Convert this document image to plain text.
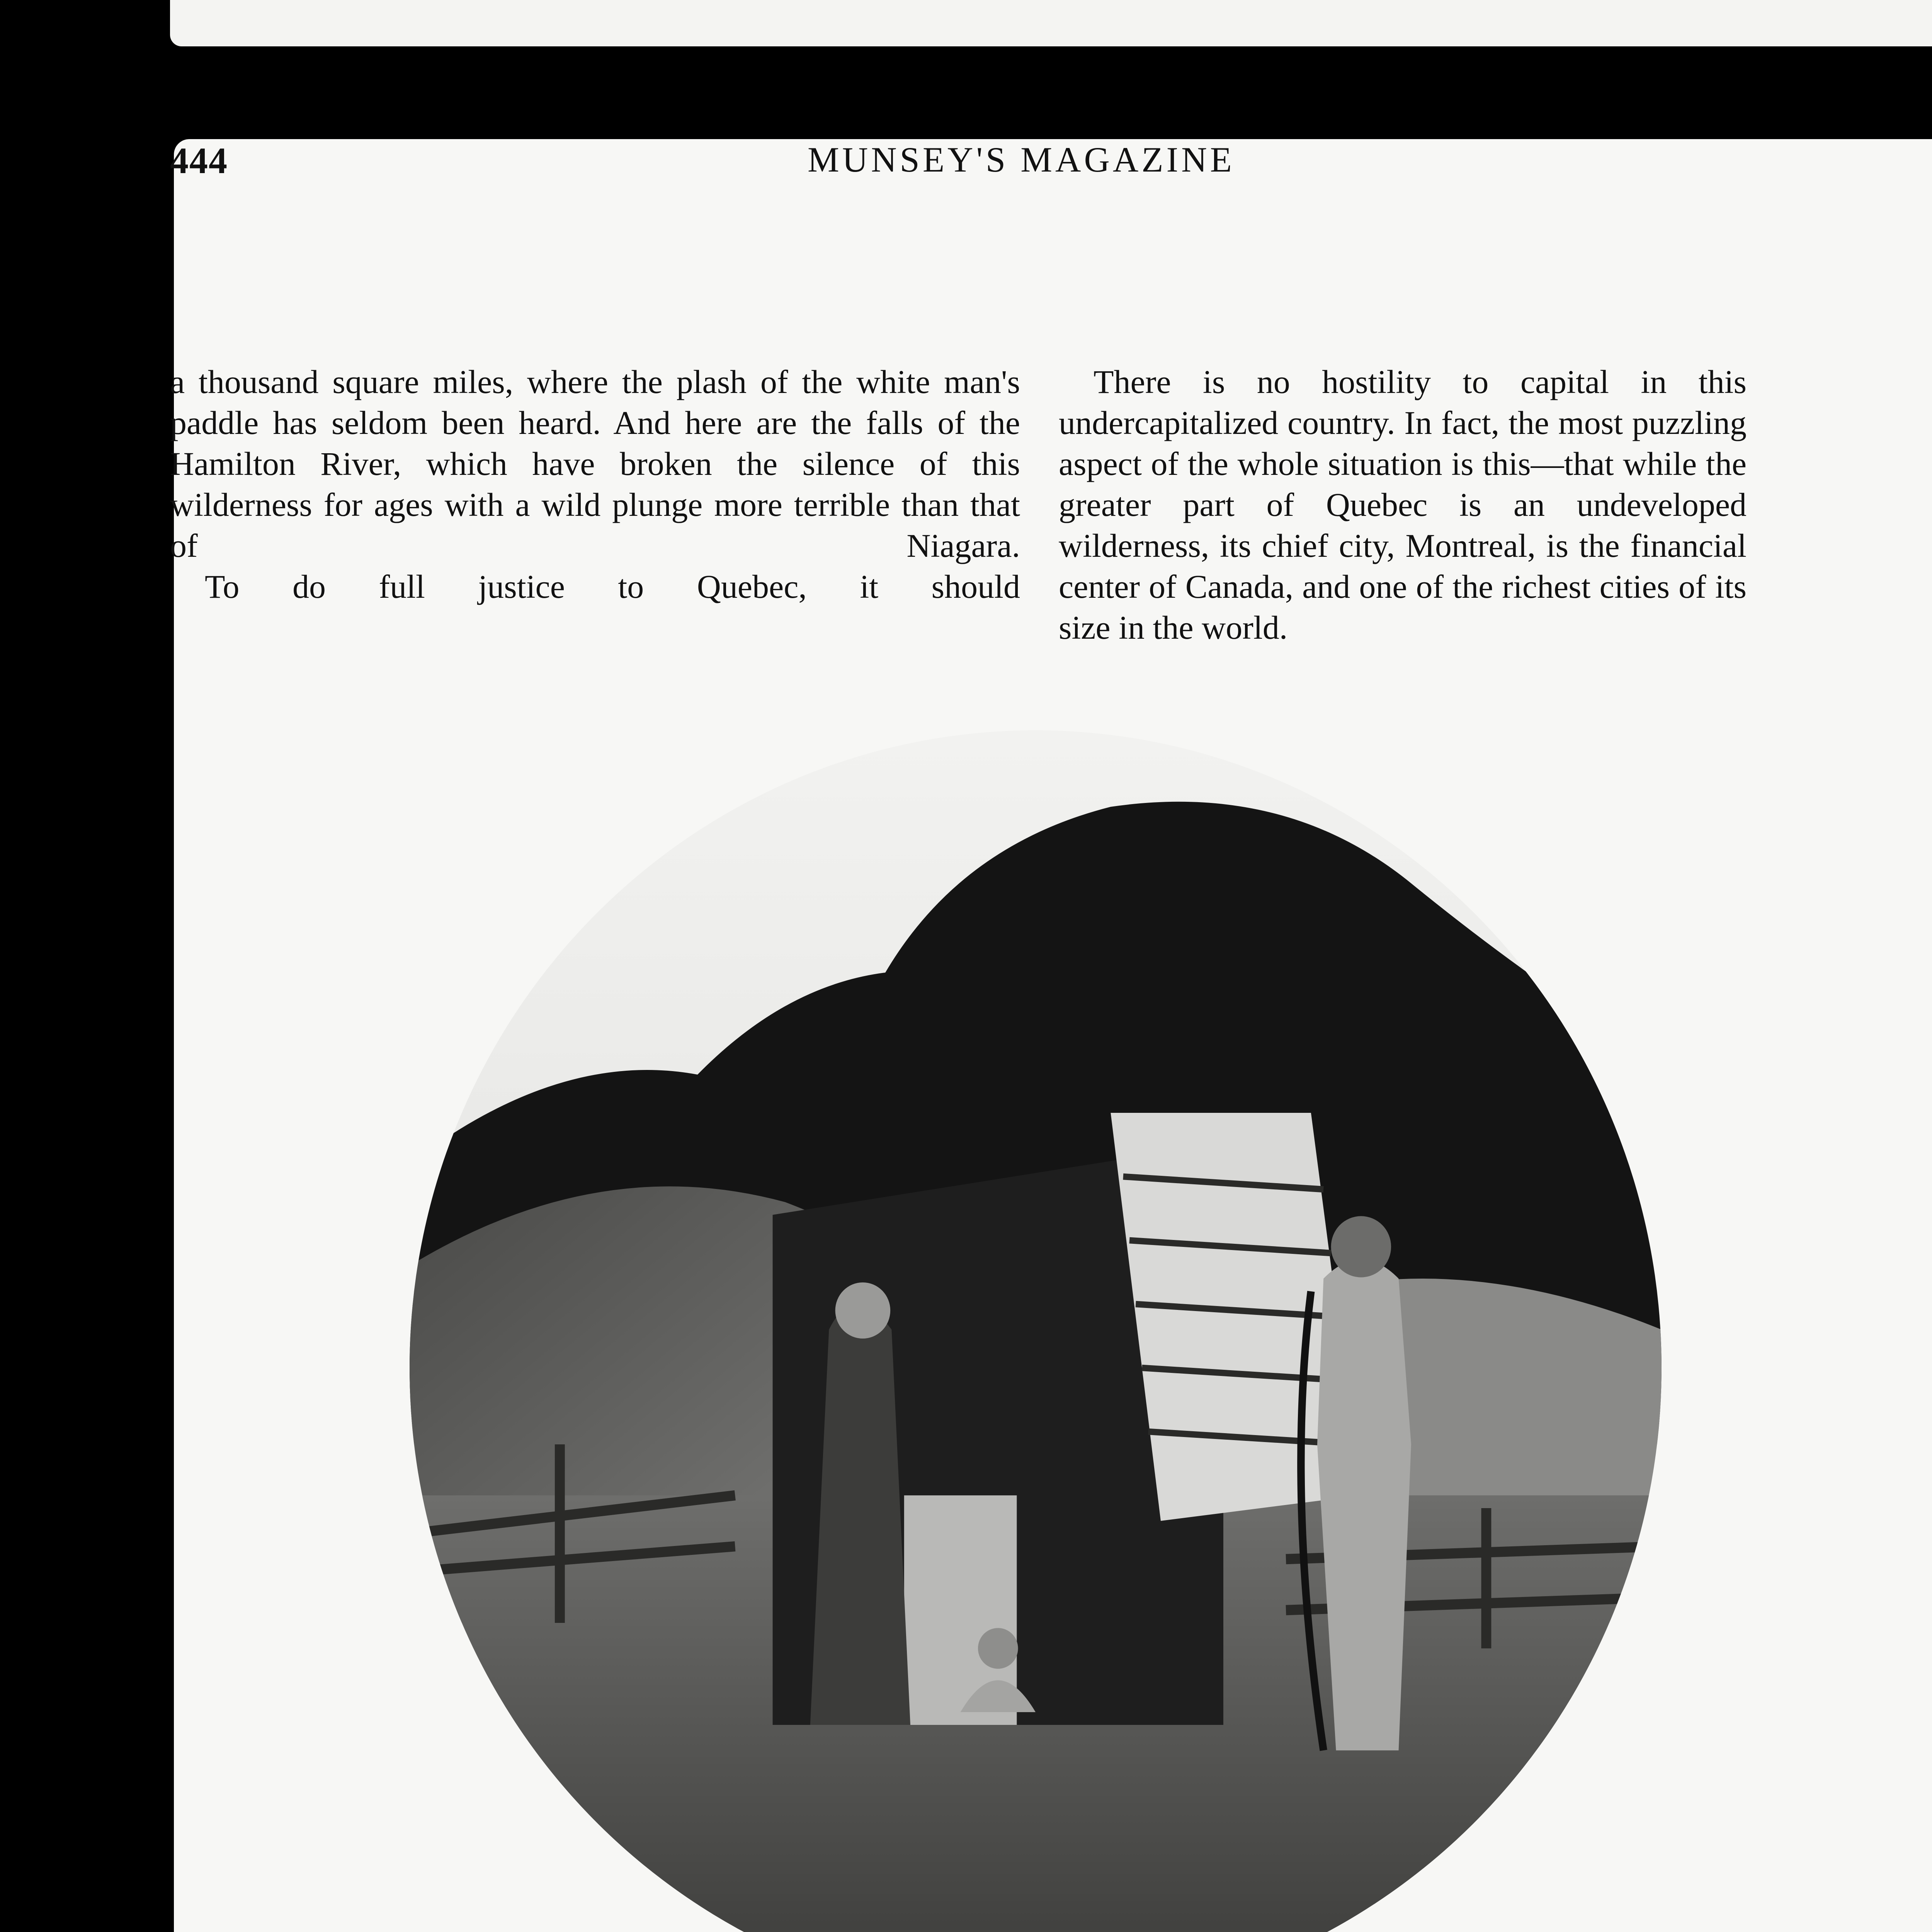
444	MUNSEY'S MAGAZINE
a thousand square miles, where the plash of the white man's paddle has seldom been heard. And here are the falls of the Hamilton River, which have broken the silence of this wilderness for ages with a wild plunge more terrible than that of Niagara.
To do full justice to Quebec, it should
There is no hostility to capital in this undercapitalized country. In fact, the most puzzling aspect of the whole situation is this—that while the greater part of Quebec is an undeveloped wilderness, its chief city, Montreal, is the financial center of Canada, and one of the richest cities of its size in the world.
